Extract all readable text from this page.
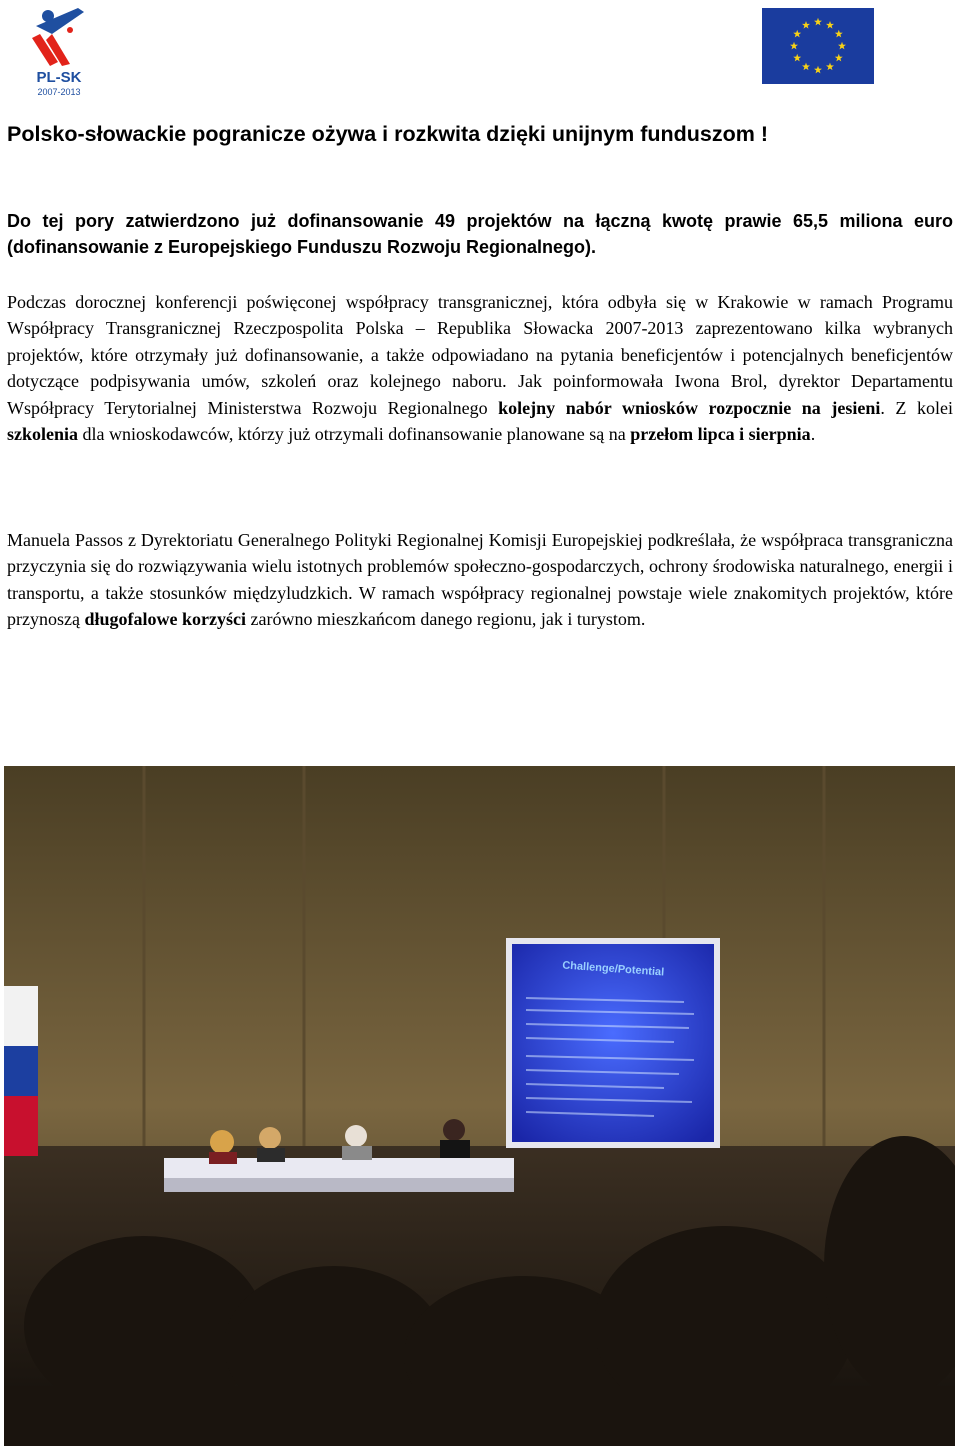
PL-SK
2007-2013
Polsko-słowackie pogranicze ożywa i rozkwita dzięki unijnym funduszom !

Do tej pory zatwierdzono już dofinansowanie 49 projektów na łączną kwotę prawie 65,5 miliona euro (dofinansowanie z Europejskiego Funduszu Rozwoju Regionalnego).

Podczas dorocznej konferencji poświęconej współpracy transgranicznej, która odbyła się w Krakowie w ramach Programu Współpracy Transgranicznej Rzeczpospolita Polska – Republika Słowacka 2007-2013 zaprezentowano kilka wybranych projektów, które otrzymały już dofinansowanie, a także odpowiadano na pytania beneficjentów i potencjalnych beneficjentów dotyczące podpisywania umów, szkoleń oraz kolejnego naboru. Jak poinformowała Iwona Brol, dyrektor Departamentu Współpracy Terytorialnej Ministerstwa Rozwoju Regionalnego kolejny nabór wniosków rozpocznie na jesieni. Z kolei szkolenia dla wnioskodawców, którzy już otrzymali dofinansowanie planowane są na przełom lipca i sierpnia.

Manuela Passos z Dyrektoriatu Generalnego Polityki Regionalnej Komisji Europejskiej podkreślała, że współpraca transgraniczna przyczynia się do rozwiązywania wielu istotnych problemów społeczno-gospodarczych, ochrony środowiska naturalnego, energii i transportu, a także stosunków międzyludzkich. W ramach współpracy regionalnej powstaje wiele znakomitych projektów, które przynoszą długofalowe korzyści zarówno mieszkańcom danego regionu, jak i turystom.

Challenge/Potential
